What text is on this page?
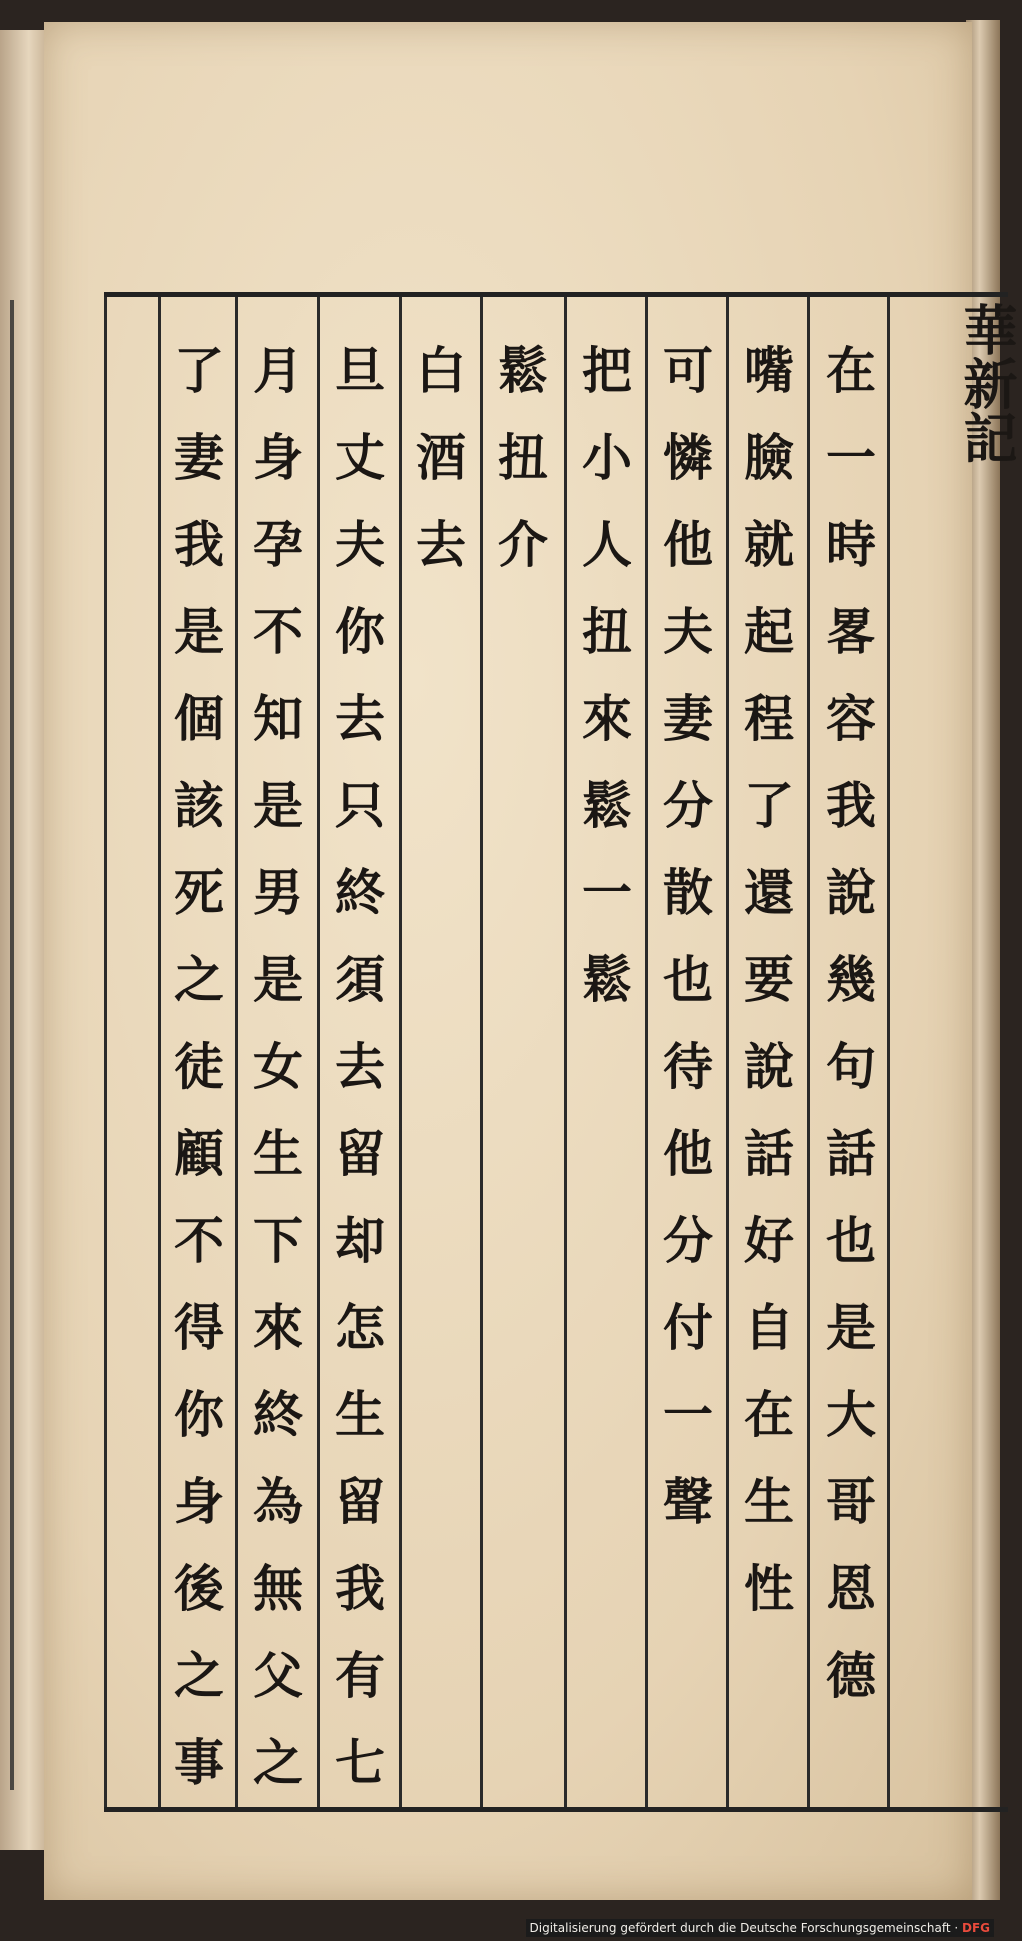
華新記
在
一
時
畧
容
我
說
幾
句
話
也
是
大
哥
恩
德
嘴
臉
就
起
程
了
還
要
說
話
好
自
在
生
性
可
憐
他
夫
妻
分
散
也
待
他
分
付
一
聲
把
小
人
扭
來
鬆
一
鬆
鬆
扭
介
白
酒
去
旦
丈
夫
你
去
只
終
須
去
留
却
怎
生
留
我
有
七
月
身
孕
不
知
是
男
是
女
生
下
來
終
為
無
父
之
了
妻
我
是
個
該
死
之
徒
顧
不
得
你
身
後
之
事
Digitalisierung gefördert durch die Deutsche Forschungsgemeinschaft · DFG
